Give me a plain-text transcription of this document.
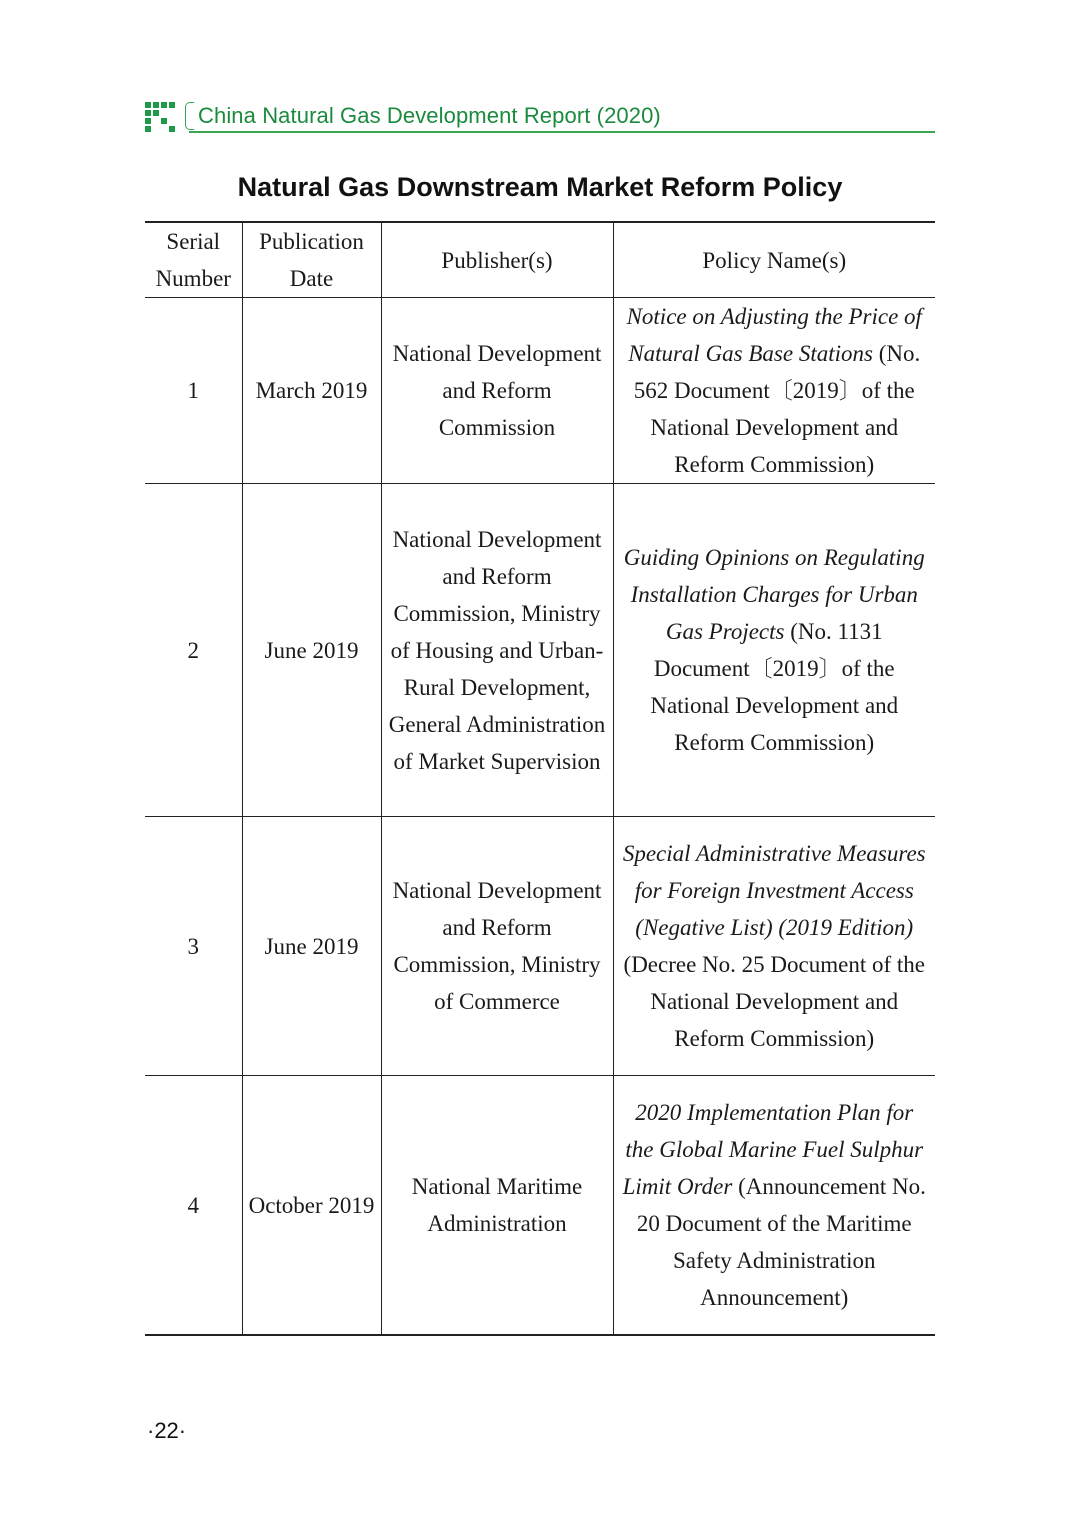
China Natural Gas Development Report (2020)
Natural Gas Downstream Market Reform Policy
Serial Number	Publication Date	Publisher(s)	Policy Name(s)
1	March 2019	National Development and Reform Commission	Notice on Adjusting the Price of Natural Gas Base Stations (No. 562 Document〔2019〕of the National Development and Reform Commission)
2	June 2019	National Development and Reform Commission, Ministry of Housing and Urban-Rural Development, General Administration of Market Supervision	Guiding Opinions on Regulating Installation Charges for Urban Gas Projects (No. 1131 Document〔2019〕of the National Development and Reform Commission)
3	June 2019	National Development and Reform Commission, Ministry of Commerce	Special Administrative Measures for Foreign Investment Access (Negative List) (2019 Edition) (Decree No. 25 Document of the National Development and Reform Commission)
4	October 2019	National Maritime Administration	2020 Implementation Plan for the Global Marine Fuel Sulphur Limit Order (Announcement No. 20 Document of the Maritime Safety Administration Announcement)
·22·
